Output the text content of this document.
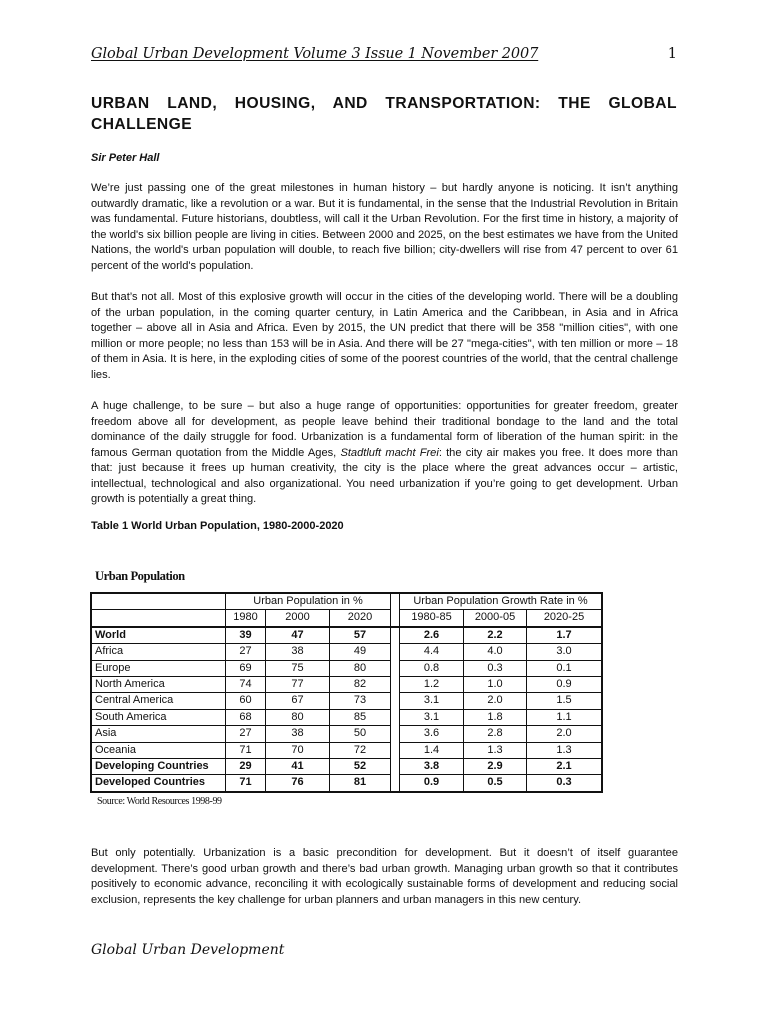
Global Urban Development Volume 3 Issue 1 November 2007	1
URBAN LAND, HOUSING, AND TRANSPORTATION: THE GLOBAL CHALLENGE
Sir Peter Hall

We’re just passing one of the great milestones in human history – but hardly anyone is noticing. It isn’t anything outwardly dramatic, like a revolution or a war. But it is fundamental, in the sense that the Industrial Revolution in Britain was fundamental. Future historians, doubtless, will call it the Urban Revolution. For the first time in history, a majority of the world's six billion people are living in cities. Between 2000 and 2025, on the best estimates we have from the United Nations, the world's urban population will double, to reach five billion; city-dwellers will rise from 47 percent to over 61 percent of the world's population.

But that’s not all. Most of this explosive growth will occur in the cities of the developing world. There will be a doubling of the urban population, in the coming quarter century, in Latin America and the Caribbean, in Asia and in Africa together – above all in Asia and Africa. Even by 2015, the UN predict that there will be 358 "million cities", with one million or more people; no less than 153 will be in Asia. And there will be 27 "mega-cities", with ten million or more – 18 of them in Asia. It is here, in the exploding cities of some of the poorest countries of the world, that the central challenge lies.

A huge challenge, to be sure – but also a huge range of opportunities: opportunities for greater freedom, greater freedom above all for development, as people leave behind their traditional bondage to the land and the total dominance of the daily struggle for food. Urbanization is a fundamental form of liberation of the human spirit: in the famous German quotation from the Middle Ages, Stadtluft macht Frei: the city air makes you free. It does more than that: just because it frees up human creativity, the city is the place where the great advances occur – artistic, intellectual, technological and also organizational. You need urbanization if you’re going to get development. Urban growth is potentially a great thing.

Table 1 World Urban Population, 1980-2000-2020
Urban Population
	Urban Population in %				Urban Population Growth Rate in %		
	1980	2000	2020		1980-85	2000-05	2020-25
World	39	47	57		2.6	2.2	1.7
Africa	27	38	49		4.4	4.0	3.0
Europe	69	75	80		0.8	0.3	0.1
North America	74	77	82		1.2	1.0	0.9
Central America	60	67	73		3.1	2.0	1.5
South America	68	80	85		3.1	1.8	1.1
Asia	27	38	50		3.6	2.8	2.0
Oceania	71	70	72		1.4	1.3	1.3
Developing Countries	29	41	52		3.8	2.9	2.1
Developed Countries	71	76	81		0.9	0.5	0.3
Source: World Resources 1998-99

But only potentially. Urbanization is a basic precondition for development. But it doesn’t of itself guarantee development. There’s good urban growth and there’s bad urban growth. Managing urban growth so that it contributes positively to economic advance, reconciling it with ecologically sustainable forms of development and reducing social exclusion, represents the key challenge for urban planners and urban managers in this new century.

Global Urban Development
